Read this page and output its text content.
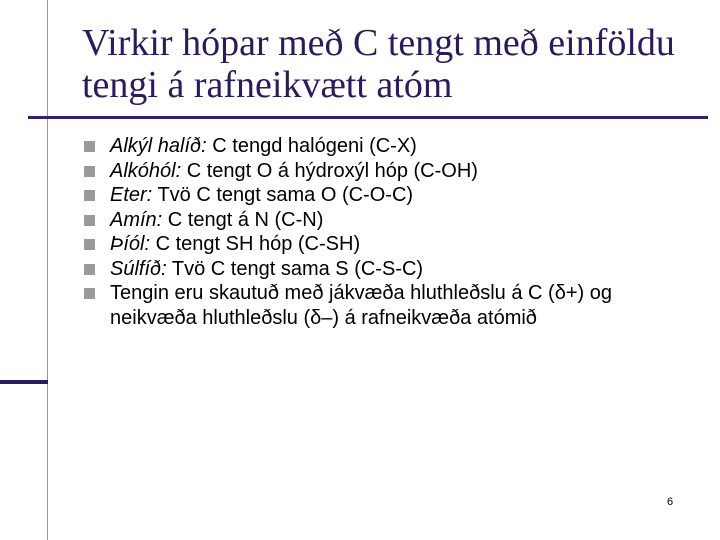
Virkir hópar með C tengt með einföldu tengi á rafneikvætt atóm
Alkýl halíð: C tengd halógeni (C-X)
Alkóhól: C tengt O á hýdroxýl hóp (C-OH)
Eter: Tvö C tengt sama O (C-O-C)
Amín: C tengt á N (C-N)
Þíól: C tengt SH hóp (C-SH)
Súlfíð: Tvö C tengt sama S (C-S-C)
Tengin eru skautuð með jákvæða hluthleðslu á C (δ+) og neikvæða hluthleðslu (δ–) á rafneikvæða atómið
6
